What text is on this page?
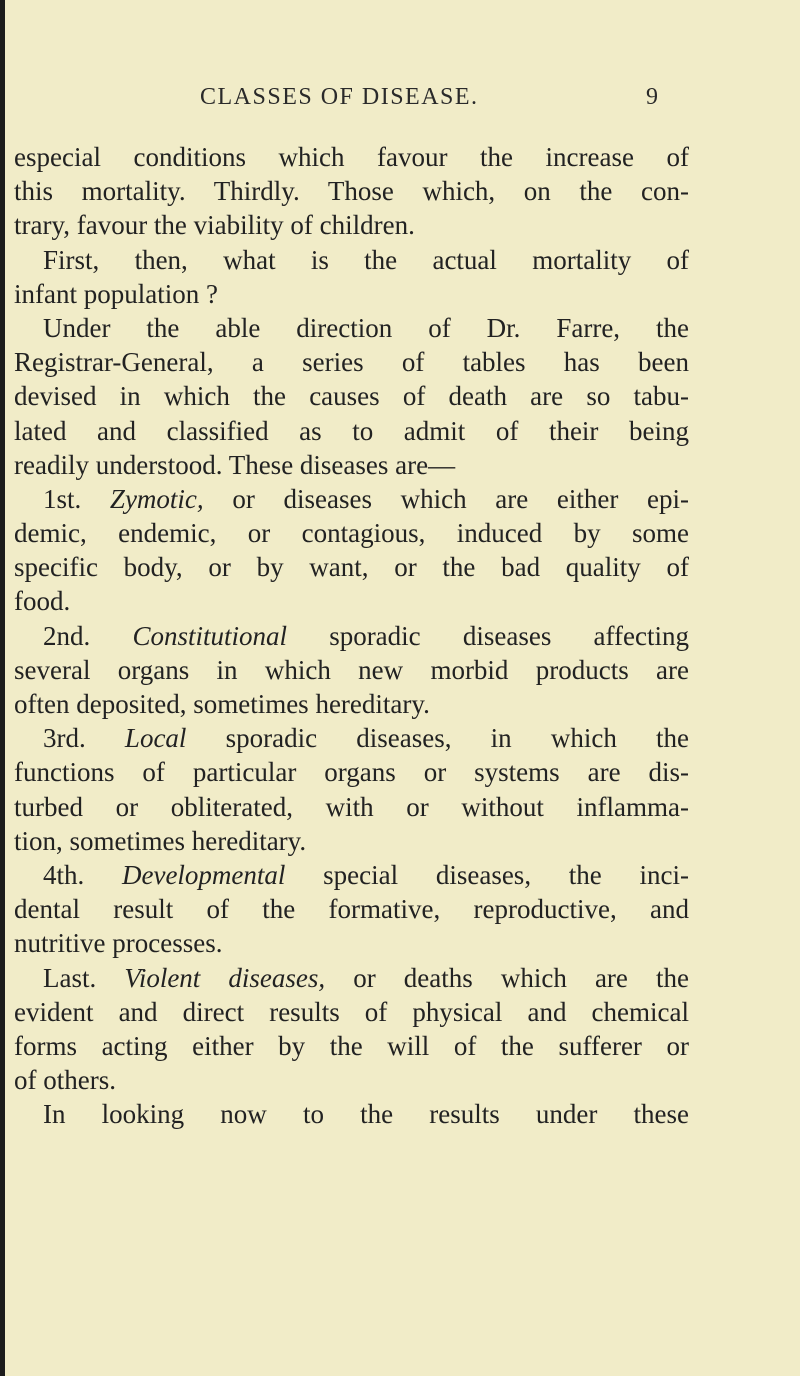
CLASSES OF DISEASE.	9
especial conditions which favour the increase of
this mortality. Thirdly. Those which, on the con-
trary, favour the viability of children.
First, then, what is the actual mortality of
infant population ?
Under the able direction of Dr. Farre, the
Registrar-General, a series of tables has been
devised in which the causes of death are so tabu-
lated and classified as to admit of their being
readily understood. These diseases are—
1st. Zymotic, or diseases which are either epi-
demic, endemic, or contagious, induced by some
specific body, or by want, or the bad quality of
food.
2nd. Constitutional sporadic diseases affecting
several organs in which new morbid products are
often deposited, sometimes hereditary.
3rd. Local sporadic diseases, in which the
functions of particular organs or systems are dis-
turbed or obliterated, with or without inflamma-
tion, sometimes hereditary.
4th. Developmental special diseases, the inci-
dental result of the formative, reproductive, and
nutritive processes.
Last. Violent diseases, or deaths which are the
evident and direct results of physical and chemical
forms acting either by the will of the sufferer or
of others.
In looking now to the results under these
